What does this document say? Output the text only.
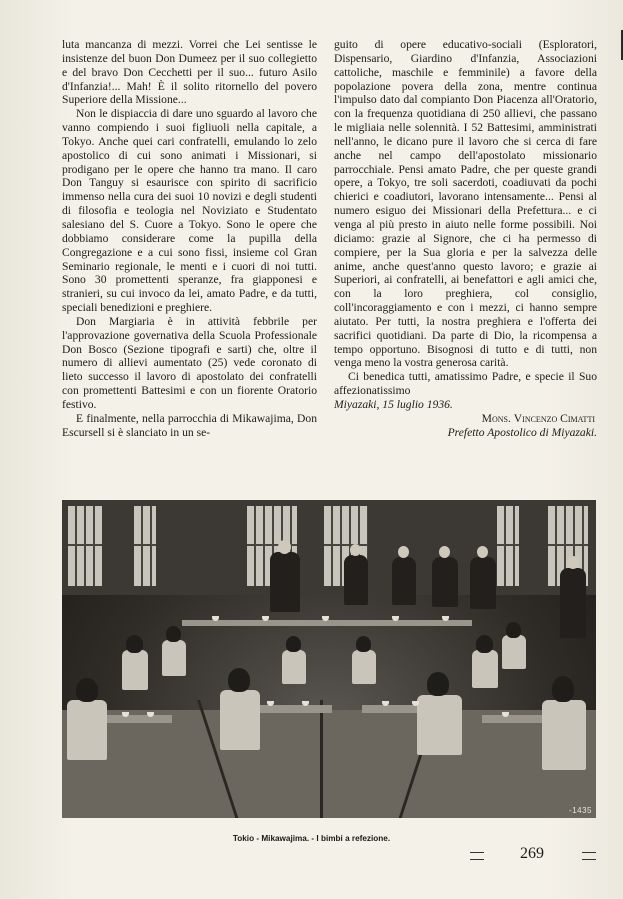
luta mancanza di mezzi. Vorrei che Lei sentisse le insistenze del buon Don Dumeez per il suo collegietto e del bravo Don Cecchetti per il suo... futuro Asilo d'Infanzia!... Mah! È il solito ritornello del povero Superiore della Missione...

Non le dispiaccia di dare uno sguardo al lavoro che vanno compiendo i suoi figliuoli nella capitale, a Tokyo. Anche quei cari confratelli, emulando lo zelo apostolico di cui sono animati i Missionari, si prodigano per le opere che hanno tra mano. Il caro Don Tanguy si esaurisce con spirito di sacrificio immenso nella cura dei suoi 10 novizi e degli studenti di filosofia e teologia nel Noviziato e Studentato salesiano del S. Cuore a Tokyo. Sono le opere che dobbiamo considerare come la pupilla della Congregazione e a cui sono fissi, insieme col Gran Seminario regionale, le menti e i cuori di noi tutti. Sono 30 promettenti speranze, fra giapponesi e stranieri, su cui invoco da lei, amato Padre, e da tutti, speciali benedizioni e preghiere.

Don Margiaria è in attività febbrile per l'approvazione governativa della Scuola Professionale Don Bosco (Sezione tipografi e sarti) che, oltre il numero di allievi aumentato (25) vede coronato di lieto successo il lavoro di apostolato dei confratelli con promettenti Battesimi e con un fiorente Oratorio festivo.

E finalmente, nella parrocchia di Mikawajima, Don Escursell si è slanciato in un se-

guito di opere educativo-sociali (Esploratori, Dispensario, Giardino d'Infanzia, Associazioni cattoliche, maschile e femminile) a favore della popolazione povera della zona, mentre continua l'impulso dato dal compianto Don Piacenza all'Oratorio, con la frequenza quotidiana di 250 allievi, che passano le migliaia nelle solennità. I 52 Battesimi, amministrati nell'anno, le dicano pure il lavoro che si cerca di fare anche nel campo dell'apostolato missionario parrocchiale. Pensi amato Padre, che per queste grandi opere, a Tokyo, tre soli sacerdoti, coadiuvati da pochi chierici e coadiutori, lavorano intensamente... Pensi al numero esiguo dei Missionari della Prefettura... e ci venga al più presto in aiuto nelle forme possibili. Noi diciamo: grazie al Signore, che ci ha permesso di compiere, per la Sua gloria e per la salvezza delle anime, anche quest'anno questo lavoro; e grazie ai Superiori, ai confratelli, ai benefattori e agli amici che, con la loro preghiera, col consiglio, coll'incoraggiamento e con i mezzi, ci hanno sempre aiutato. Per tutti, la nostra preghiera e l'offerta dei sacrifici quotidiani. Da parte di Dio, la ricompensa a tempo opportuno. Bisognosi di tutto e di tutti, non venga meno la vostra generosa carità.

Ci benedica tutti, amatissimo Padre, e specie il Suo affezionatissimo

Miyazaki, 15 luglio 1936.

Mons. Vincenzo Cimatti

Prefetto Apostolico di Miyazaki.

-1435
Tokio - Mikawajima. - I bimbi a refezione.
269
